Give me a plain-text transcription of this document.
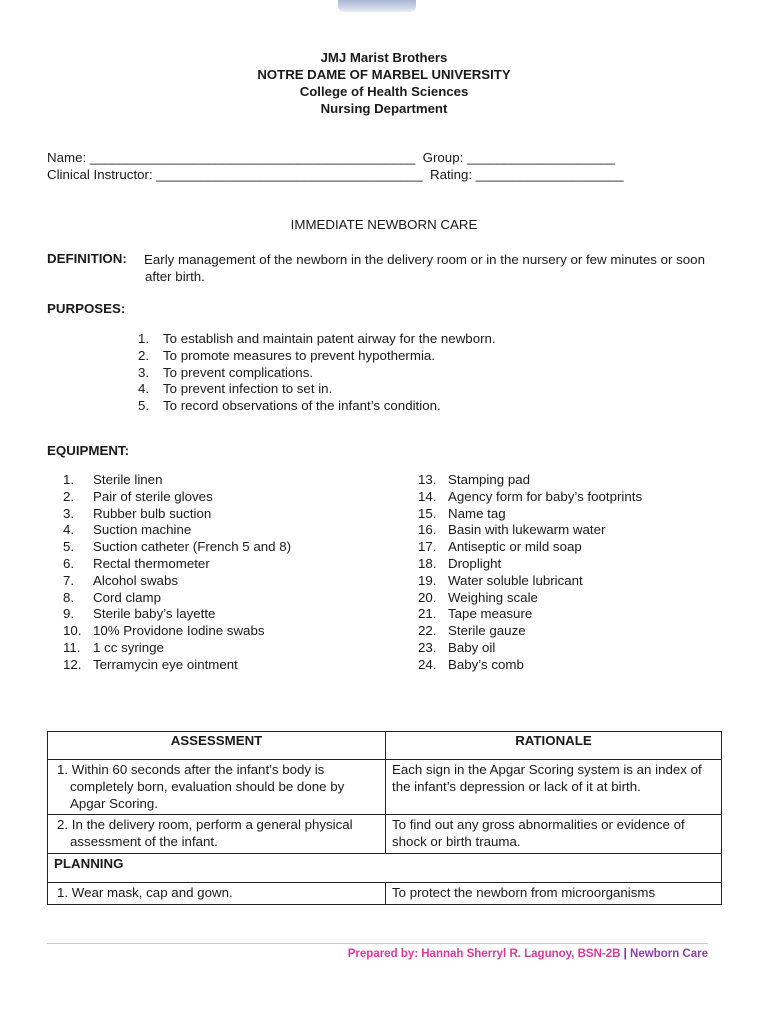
JMJ Marist Brothers
NOTRE DAME OF MARBEL UNIVERSITY
College of Health Sciences
Nursing Department
Name: ____________________________________________  Group: ____________________
Clinical Instructor: ____________________________________  Rating: ____________________
IMMEDIATE NEWBORN CARE
DEFINITION: Early management of the newborn in the delivery room or in the nursery or few minutes or soon after birth.
PURPOSES:
1. To establish and maintain patent airway for the newborn.
2. To promote measures to prevent hypothermia.
3. To prevent complications.
4. To prevent infection to set in.
5. To record observations of the infant’s condition.
EQUIPMENT:
1. Sterile linen
2. Pair of sterile gloves
3. Rubber bulb suction
4. Suction machine
5. Suction catheter (French 5 and 8)
6. Rectal thermometer
7. Alcohol swabs
8. Cord clamp
9. Sterile baby’s layette
10. 10% Providone Iodine swabs
11. 1 cc syringe
12. Terramycin eye ointment
13. Stamping pad
14. Agency form for baby’s footprints
15. Name tag
16. Basin with lukewarm water
17. Antiseptic or mild soap
18. Droplight
19. Water soluble lubricant
20. Weighing scale
21. Tape measure
22. Sterile gauze
23. Baby oil
24. Baby’s comb
ASSESSMENT	RATIONALE

1. Within 60 seconds after the infant’s body is completely born, evaluation should be done by Apgar Scoring.	Each sign in the Apgar Scoring system is an index of the infant’s depression or lack of it at birth.

2. In the delivery room, perform a general physical assessment of the infant.	To find out any gross abnormalities or evidence of shock or birth trauma.
PLANNING	

1. Wear mask, cap and gown.	To protect the newborn from microorganisms
Prepared by: Hannah Sherryl R. Lagunoy, BSN-2B | Newborn Care
